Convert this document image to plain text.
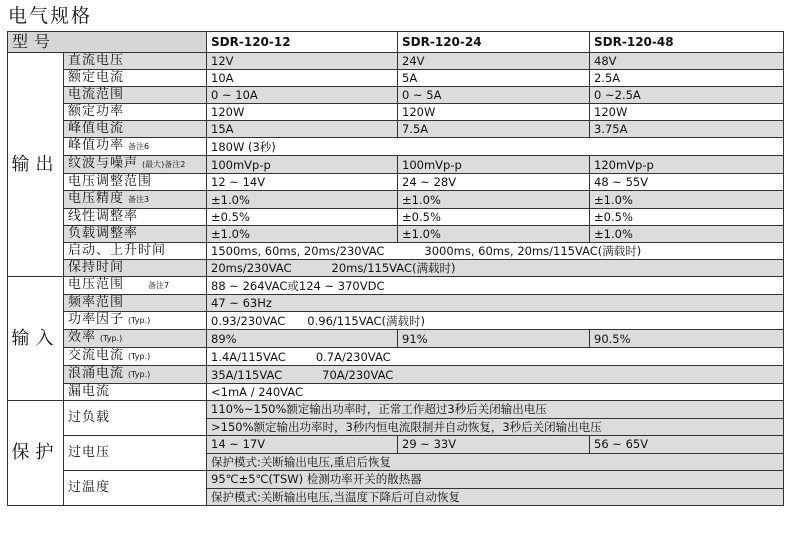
电气规格
型号		SDR-120-12	SDR-120-24	SDR-120-48
输出	直流电压	12V	24V	48V
	额定电流	10A	5A	2.5A
	电流范围	0 ~ 10A	0 ~ 5A	0 ~2.5A
	额定功率	120W	120W	120W
	峰值电流	15A	7.5A	3.75A
	峰值功率 备注6	180W (3秒)		
	纹波与噪声 (最大)备注2	100mVp-p	100mVp-p	120mVp-p
	电压调整范围	12 ~ 14V	24 ~ 28V	48 ~ 55V
	电压精度 备注3	±1.0%	±1.0%	±1.0%
	线性调整率	±0.5%	±0.5%	±0.5%
	负载调整率	±1.0%	±1.0%	±1.0%
	启动、上升时间	1500ms, 60ms, 20ms/230VAC 3000ms, 60ms, 20ms/115VAC(满载时)		
	保持时间	20ms/230VAC 20ms/115VAC(满载时)		
输入	电压范围 备注7	88 ~ 264VAC或124 ~ 370VDC		
	频率范围	47 ~ 63Hz		
	功率因子 (Typ.)	0.93/230VAC 0.96/115VAC(满载时)		
	效率 (Typ.)	89%	91%	90.5%
	交流电流 (Typ.)	1.4A/115VAC 0.7A/230VAC		
	浪涌电流 (Typ.)	35A/115VAC 70A/230VAC		
	漏电流	<1mA / 240VAC		
保护	过负载	110%~150%额定输出功率时，正常工作超过3秒后关闭输出电压		
		>150%额定输出功率时，3秒内恒电流限制并自动恢复，3秒后关闭输出电压		
	过电压	14 ~ 17V	29 ~ 33V	56 ~ 65V
		保护模式:关断输出电压,重启后恢复		
	过温度	95℃±5℃(TSW) 检测功率开关的散热器		
		保护模式:关断输出电压,当温度下降后可自动恢复		
